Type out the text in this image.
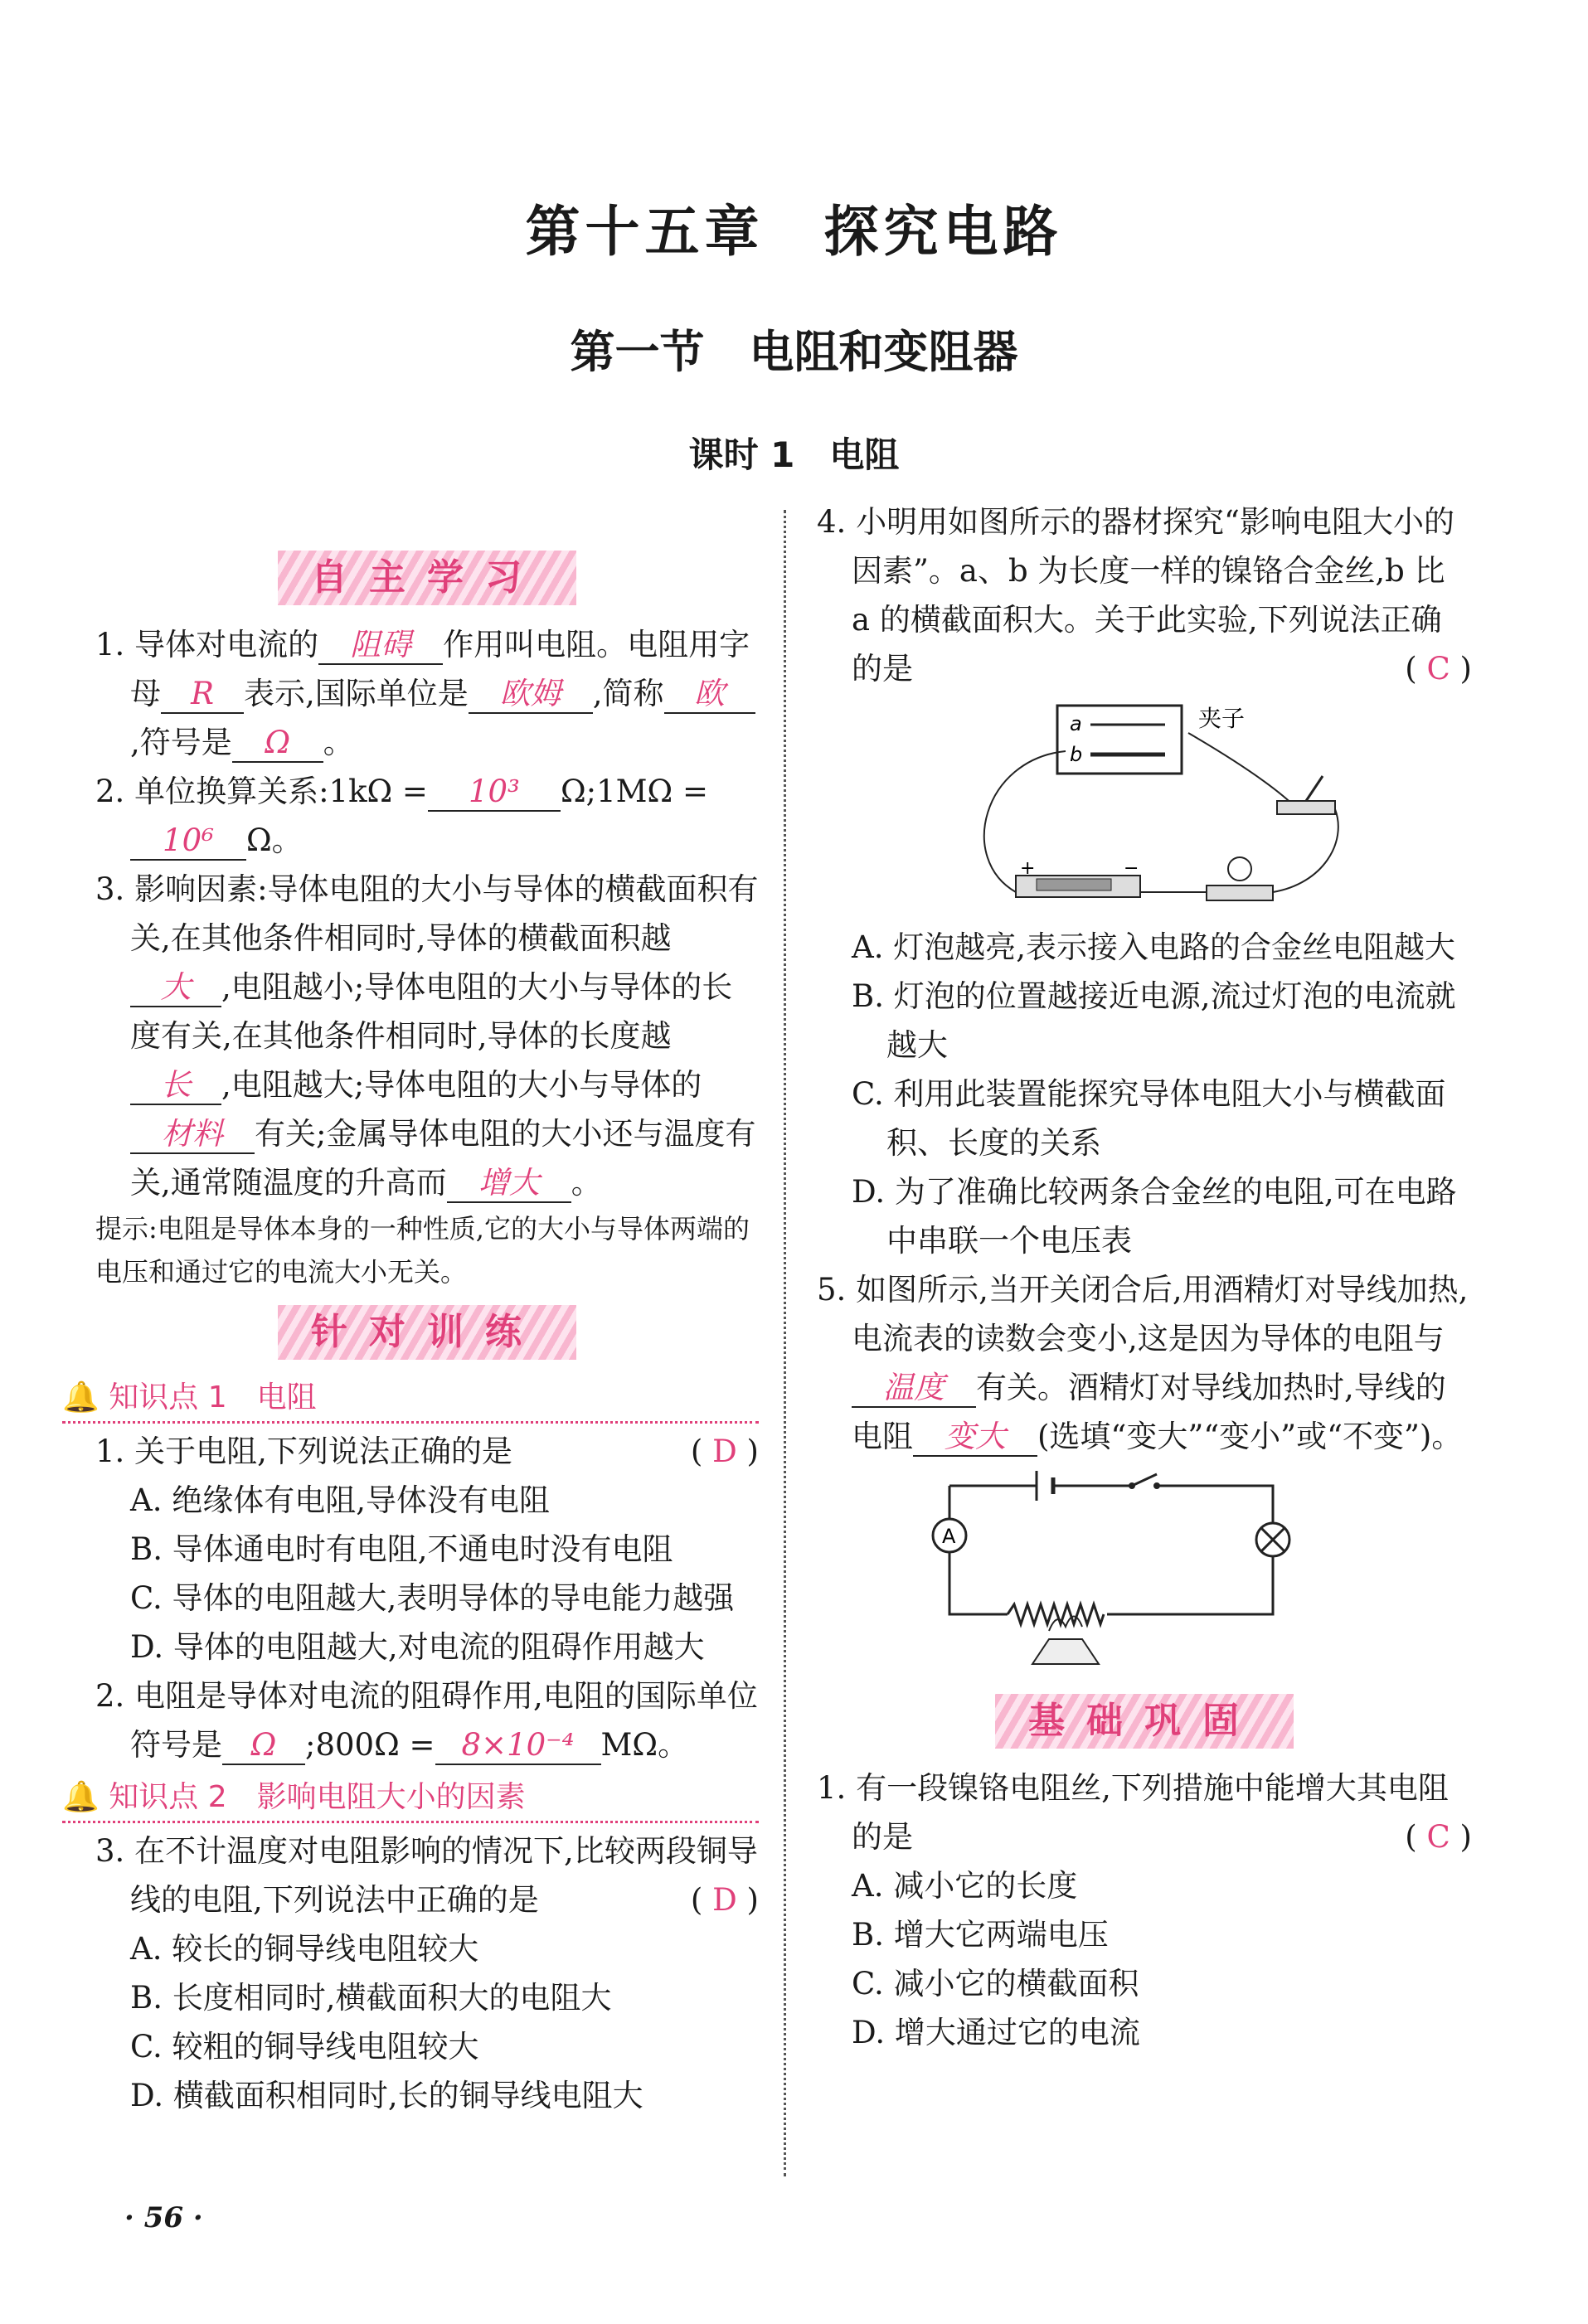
第十五章　探究电路
第一节　电阻和变阻器
课时 1　电阻
自主学习

1. 导体对电流的 阻碍 作用叫电阻。电阻用字母 R 表示,国际单位是 欧姆 ,简称 欧,符号是 Ω 。

2. 单位换算关系:1kΩ = 10³ Ω;1MΩ =10⁶ Ω。

3. 影响因素:导体电阻的大小与导体的横截面积有关,在其他条件相同时,导体的横截面积越大 ,电阻越小;导体电阻的大小与导体的长度有关,在其他条件相同时,导体的长度越长 ,电阻越大;导体电阻的大小与导体的材料 有关;金属导体电阻的大小还与温度有关,通常随温度的升高而 增大 。

提示:电阻是导体本身的一种性质,它的大小与导体两端的电压和通过它的电流大小无关。

针对训练
🔔 知识点 1　电阻

1. 关于电阻,下列说法正确的是	( D )

A. 绝缘体有电阻,导体没有电阻

B. 导体通电时有电阻,不通电时没有电阻

C. 导体的电阻越大,表明导体的导电能力越强

D. 导体的电阻越大,对电流的阻碍作用越大

2. 电阻是导体对电流的阻碍作用,电阻的国际单位符号是 Ω ;800Ω = 8×10⁻⁴ MΩ。

🔔 知识点 2　影响电阻大小的因素

3. 在不计温度对电阻影响的情况下,比较两段铜导线的电阻,下列说法中正确的是	( D )

A. 较长的铜导线电阻较大

B. 长度相同时,横截面积大的电阻大

C. 较粗的铜导线电阻较大

D. 横截面积相同时,长的铜导线电阻大

4. 小明用如图所示的器材探究“影响电阻大小的因素”。a、b 为长度一样的镍铬合金丝,b 比 a 的横截面积大。关于此实验,下列说法正确的是	( C )

a
b
夹子
+	−

A. 灯泡越亮,表示接入电路的合金丝电阻越大

B. 灯泡的位置越接近电源,流过灯泡的电流就越大

C. 利用此装置能探究导体电阻大小与横截面积、长度的关系

D. 为了准确比较两条合金丝的电阻,可在电路中串联一个电压表

5. 如图所示,当开关闭合后,用酒精灯对导线加热,电流表的读数会变小,这是因为导体的电阻与温度 有关。酒精灯对导线加热时,导线的电阻 变大 (选填“变大”“变小”或“不变”)。

A
基础巩固

1. 有一段镍铬电阻丝,下列措施中能增大其电阻的是	( C )

A. 减小它的长度

B. 增大它两端电压

C. 减小它的横截面积

D. 增大通过它的电流

· 56 ·
